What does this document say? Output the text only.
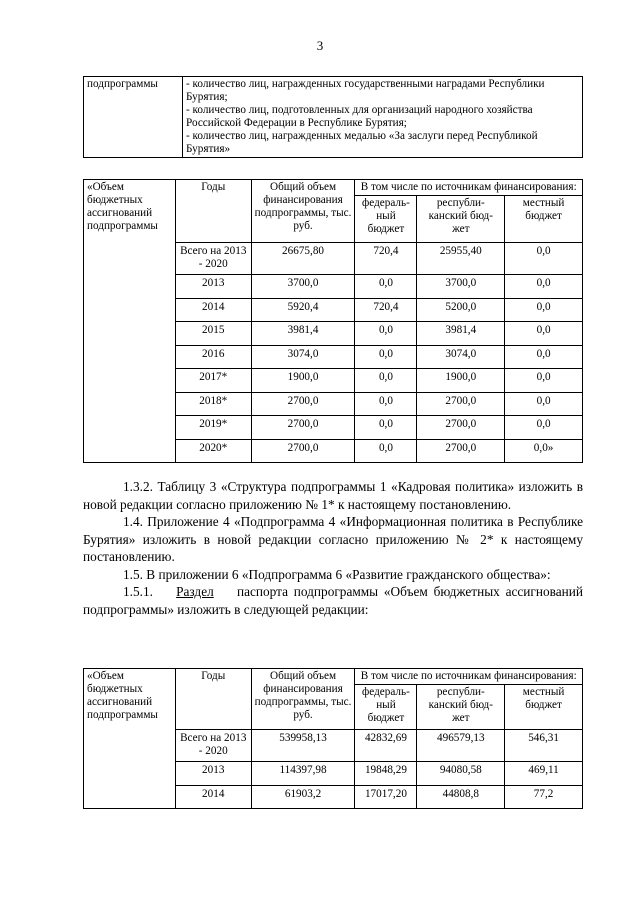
3
подпрограммы	- количество лиц, награжденных государственными наградами Республики Бурятия;
- количество лиц, подготовленных для организаций народного хозяйства Российской Федерации в Республике Бурятия;
- количество лиц, награжденных медалью «За заслуги перед Республикой Бурятия»
«Объем бюджетных ассигнований подпрограммы	Годы	Общий объем финансирования подпрограммы, тыс. руб.	В том числе по источникам финансирования:		
			федераль-ный бюджет	республи-канский бюд-жет	местный бюджет
	Всего на 2013 - 2020	26675,80	720,4	25955,40	0,0
	2013	3700,0	0,0	3700,0	0,0
	2014	5920,4	720,4	5200,0	0,0
	2015	3981,4	0,0	3981,4	0,0
	2016	3074,0	0,0	3074,0	0,0
	2017*	1900,0	0,0	1900,0	0,0
	2018*	2700,0	0,0	2700,0	0,0
	2019*	2700,0	0,0	2700,0	0,0
	2020*	2700,0	0,0	2700,0	0,0»

1.3.2. Таблицу 3 «Структура подпрограммы 1 «Кадровая политика» изложить в новой редакции согласно приложению № 1* к настоящему постановлению.

1.4. Приложение 4 «Подпрограмма 4 «Информационная политика в Республике Бурятия» изложить в новой редакции согласно приложению № 2* к настоящему постановлению.

1.5. В приложении 6 «Подпрограмма 6 «Развитие гражданского общества»:

1.5.1. Раздел паспорта подпрограммы «Объем бюджетных ассигнований подпрограммы» изложить в следующей редакции:

«Объем бюджетных ассигнований подпрограммы	Годы	Общий объем финансирования подпрограммы, тыс. руб.	В том числе по источникам финансирования:		
			федераль-ный бюджет	республи-канский бюд-жет	местный бюджет
	Всего на 2013 - 2020	539958,13	42832,69	496579,13	546,31
	2013	114397,98	19848,29	94080,58	469,11
	2014	61903,2	17017,20	44808,8	77,2
